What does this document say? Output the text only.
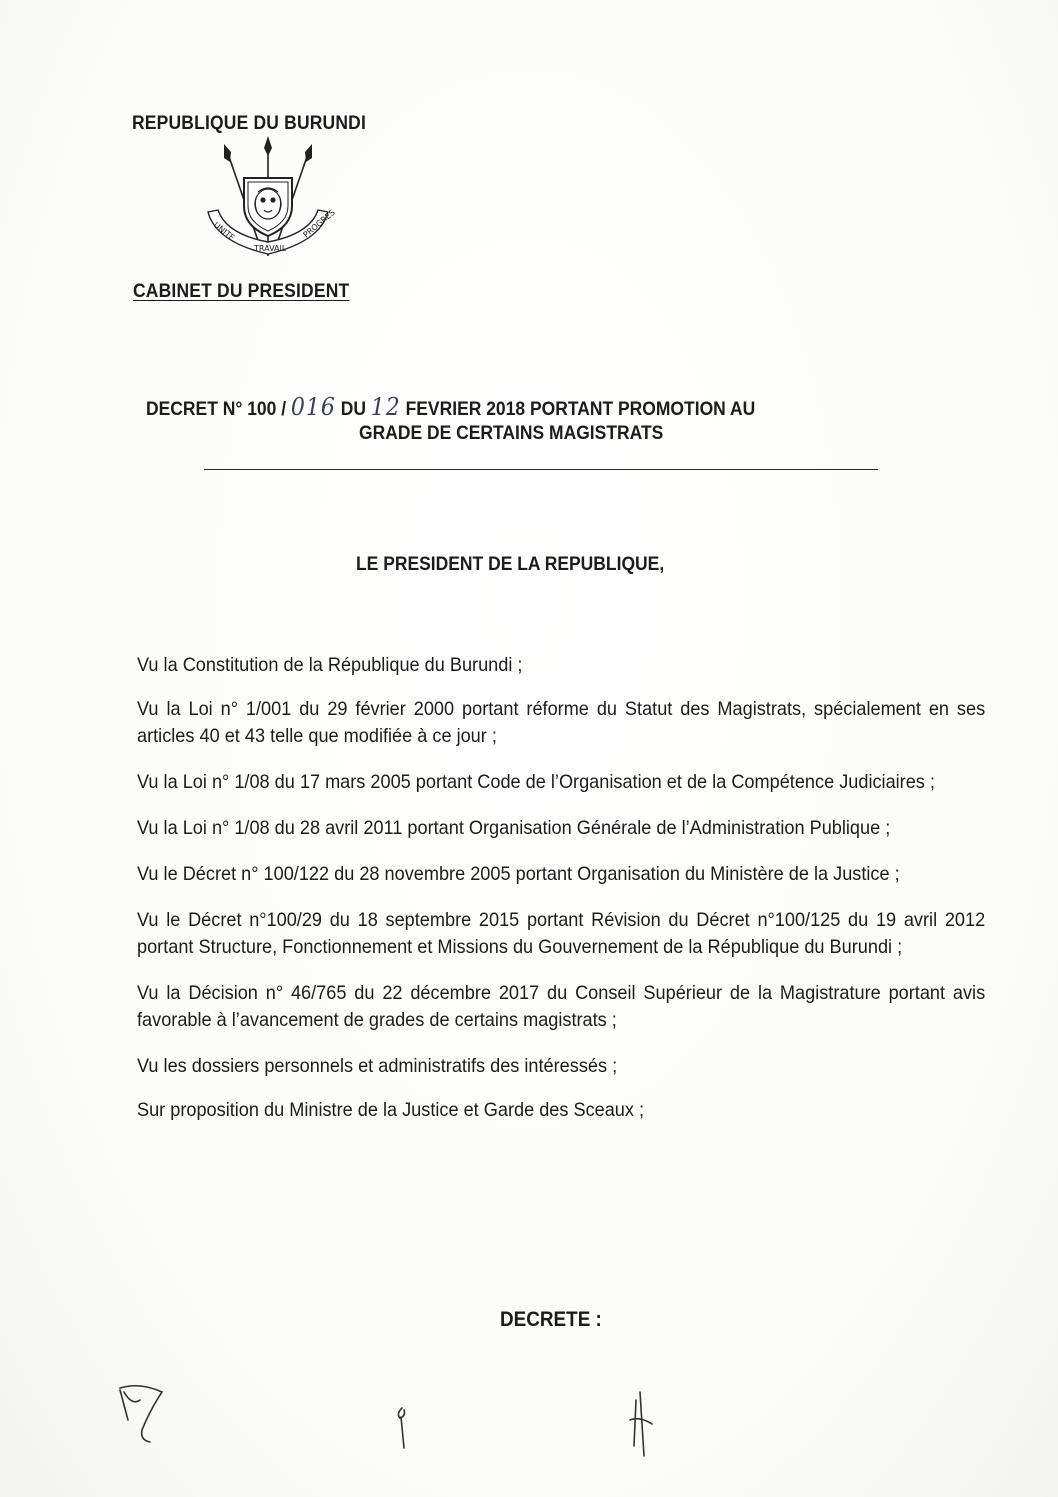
REPUBLIQUE DU BURUNDI
UNITE
TRAVAIL
PROGRES
CABINET DU PRESIDENT
DECRET N° 100 / 016 DU 12 FEVRIER 2018 PORTANT PROMOTION AU
GRADE DE CERTAINS MAGISTRATS
LE PRESIDENT DE LA REPUBLIQUE,

Vu la Constitution de la République du Burundi ;

Vu la Loi n° 1/001 du 29 février 2000 portant réforme du Statut des Magistrats, spécialement en ses articles 40 et 43 telle que modifiée à ce jour ;

Vu la Loi n° 1/08 du 17 mars 2005 portant Code de l’Organisation et de la Compétence Judiciaires ;

Vu la Loi n° 1/08 du 28 avril 2011 portant Organisation Générale de l’Administration Publique ;

Vu le Décret n° 100/122 du 28 novembre 2005 portant Organisation du Ministère de la Justice ;

Vu le Décret n°100/29 du 18 septembre 2015 portant Révision du Décret n°100/125 du 19 avril 2012 portant Structure, Fonctionnement et Missions du Gouvernement de la République du Burundi ;

Vu la Décision n° 46/765 du 22 décembre 2017 du Conseil Supérieur de la Magistrature portant avis favorable à l’avancement de grades de certains magistrats ;

Vu les dossiers personnels et administratifs des intéressés ;

Sur proposition du Ministre de la Justice et Garde des Sceaux ;

DECRETE :
